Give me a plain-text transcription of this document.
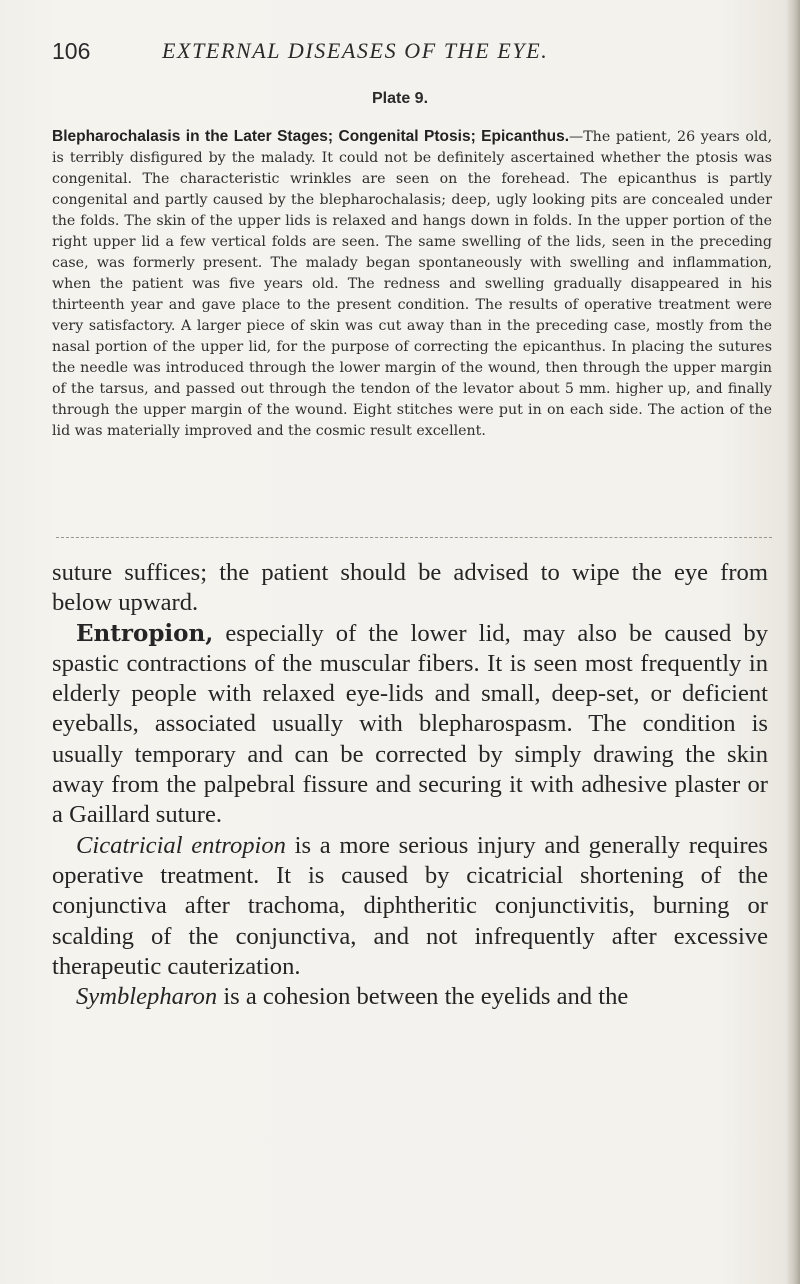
106	EXTERNAL DISEASES OF THE EYE.
Plate 9.
Blepharochalasis in the Later Stages; Congenital Ptosis; Epicanthus.—The patient, 26 years old, is terribly disfigured by the malady. It could not be definitely ascertained whether the ptosis was congenital. The characteristic wrinkles are seen on the forehead. The epicanthus is partly congenital and partly caused by the blepharochalasis; deep, ugly looking pits are concealed under the folds. The skin of the upper lids is relaxed and hangs down in folds. In the upper portion of the right upper lid a few vertical folds are seen. The same swelling of the lids, seen in the preceding case, was formerly present. The malady began spontaneously with swelling and inflammation, when the patient was five years old. The redness and swelling gradually disappeared in his thirteenth year and gave place to the present condition. The results of operative treatment were very satisfactory. A larger piece of skin was cut away than in the preceding case, mostly from the nasal portion of the upper lid, for the purpose of correcting the epicanthus. In placing the sutures the needle was introduced through the lower margin of the wound, then through the upper margin of the tarsus, and passed out through the tendon of the levator about 5 mm. higher up, and finally through the upper margin of the wound. Eight stitches were put in on each side. The action of the lid was materially improved and the cosmic result excellent.

suture suffices; the patient should be advised to wipe the eye from below upward.

Entropion, especially of the lower lid, may also be caused by spastic contractions of the muscular fibers. It is seen most frequently in elderly people with relaxed eye-lids and small, deep-set, or deficient eyeballs, associated usually with blepharospasm. The condition is usually temporary and can be corrected by simply drawing the skin away from the palpebral fissure and securing it with adhesive plaster or a Gaillard suture.

Cicatricial entropion is a more serious injury and generally requires operative treatment. It is caused by cicatricial shortening of the conjunctiva after trachoma, diphtheritic conjunctivitis, burning or scalding of the conjunctiva, and not infrequently after excessive therapeutic cauterization.

Symblepharon is a cohesion between the eyelids and the
